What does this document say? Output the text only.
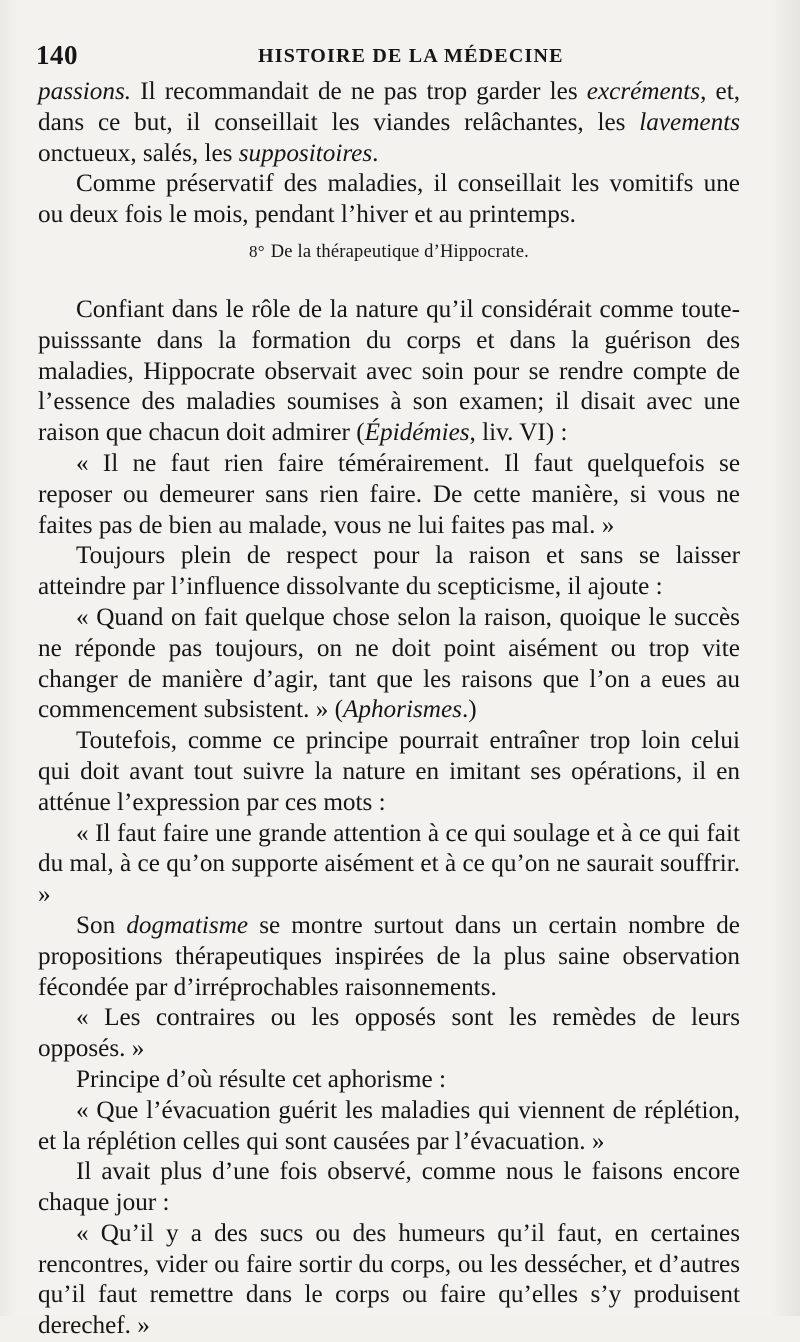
140	HISTOIRE DE LA MÉDECINE

passions. Il recommandait de ne pas trop garder les excréments, et, dans ce but, il conseillait les viandes relâchantes, les lavements onctueux, salés, les suppositoires.

Comme préservatif des maladies, il conseillait les vomitifs une ou deux fois le mois, pendant l’hiver et au printemps.

8° De la thérapeutique d’Hippocrate.

Confiant dans le rôle de la nature qu’il considérait comme toute-puisssante dans la formation du corps et dans la guérison des maladies, Hippocrate observait avec soin pour se rendre compte de l’essence des maladies soumises à son examen; il disait avec une raison que chacun doit admirer (Épidémies, liv. VI) :

« Il ne faut rien faire témérairement. Il faut quelquefois se reposer ou demeurer sans rien faire. De cette manière, si vous ne faites pas de bien au malade, vous ne lui faites pas mal. »

Toujours plein de respect pour la raison et sans se laisser atteindre par l’influence dissolvante du scepticisme, il ajoute :

« Quand on fait quelque chose selon la raison, quoique le succès ne réponde pas toujours, on ne doit point aisément ou trop vite changer de manière d’agir, tant que les raisons que l’on a eues au commencement subsistent. » (Aphorismes.)

Toutefois, comme ce principe pourrait entraîner trop loin celui qui doit avant tout suivre la nature en imitant ses opérations, il en atténue l’expression par ces mots :

« Il faut faire une grande attention à ce qui soulage et à ce qui fait du mal, à ce qu’on supporte aisément et à ce qu’on ne saurait souffrir. »

Son dogmatisme se montre surtout dans un certain nombre de propositions thérapeutiques inspirées de la plus saine observation fécondée par d’irréprochables raisonnements.

« Les contraires ou les opposés sont les remèdes de leurs opposés. »

Principe d’où résulte cet aphorisme :

« Que l’évacuation guérit les maladies qui viennent de réplétion, et la réplétion celles qui sont causées par l’évacuation. »

Il avait plus d’une fois observé, comme nous le faisons encore chaque jour :

« Qu’il y a des sucs ou des humeurs qu’il faut, en certaines rencontres, vider ou faire sortir du corps, ou les dessécher, et d’autres qu’il faut remettre dans le corps ou faire qu’elles s’y produisent derechef. »
